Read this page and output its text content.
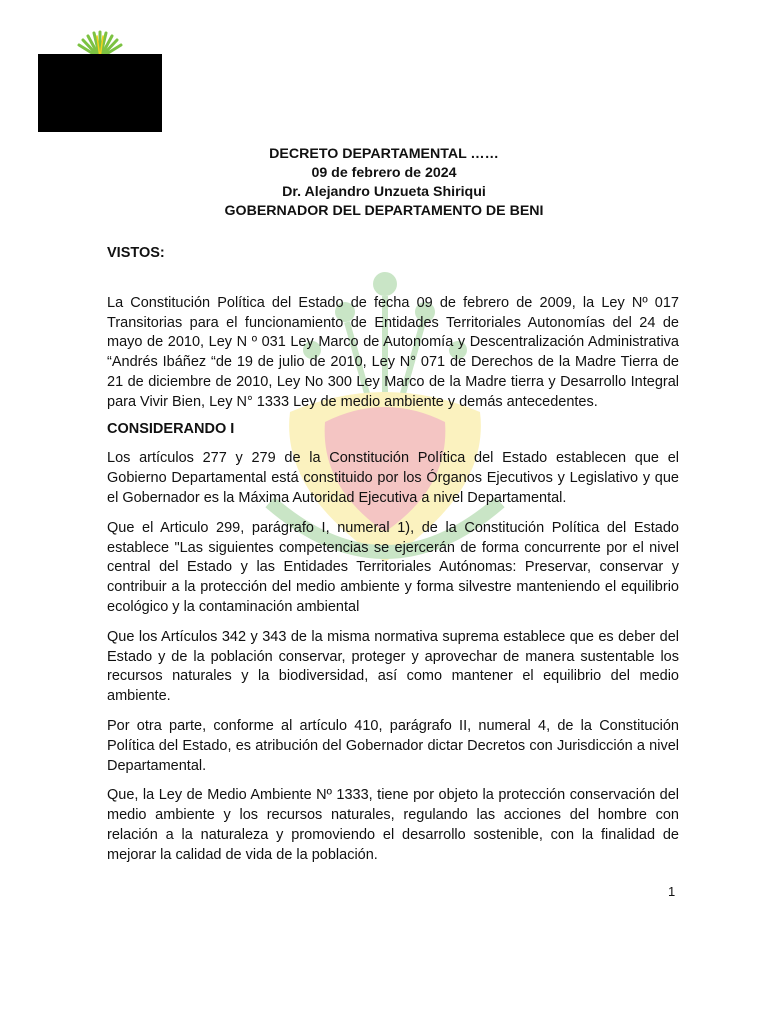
DECRETO DEPARTAMENTAL ……
09 de febrero de 2024
Dr. Alejandro Unzueta Shiriqui
GOBERNADOR DEL DEPARTAMENTO DE BENI
VISTOS:

La Constitución Política del Estado de fecha 09 de febrero de 2009, la Ley Nº 017 Transitorias para el funcionamiento de Entidades Territoriales Autonomías del 24 de mayo de 2010, Ley N º 031 Ley Marco de Autonomía y Descentralización Administrativa “Andrés Ibáñez “de 19 de julio de 2010, Ley N° 071 de Derechos de la Madre Tierra de 21 de diciembre de 2010, Ley No 300 Ley Marco de la Madre tierra y Desarrollo Integral para Vivir Bien, Ley N° 1333 Ley de medio ambiente y demás antecedentes.

CONSIDERANDO I

Los artículos 277 y 279 de la Constitución Política del Estado establecen que el Gobierno Departamental está constituido por los Órganos Ejecutivos y Legislativo y que el Gobernador es la Máxima Autoridad Ejecutiva a nivel Departamental.

Que el Articulo 299, parágrafo I, numeral 1), de la Constitución Política del Estado establece "Las siguientes competencias se ejercerán de forma concurrente por el nivel central del Estado y las Entidades Territoriales Autónomas: Preservar, conservar y contribuir a la protección del medio ambiente y forma silvestre manteniendo el equilibrio ecológico y la contaminación ambiental

Que los Artículos 342 y 343 de la misma normativa suprema establece que es deber del Estado y de la población conservar, proteger y aprovechar de manera sustentable los recursos naturales y la biodiversidad, así como mantener el equilibrio del medio ambiente.

Por otra parte, conforme al artículo 410, parágrafo II, numeral 4, de la Constitución Política del Estado, es atribución del Gobernador dictar Decretos con Jurisdicción a nivel Departamental.

Que, la Ley de Medio Ambiente Nº 1333, tiene por objeto la protección conservación del medio ambiente y los recursos naturales, regulando las acciones del hombre con relación a la naturaleza y promoviendo el desarrollo sostenible, con la finalidad de mejorar la calidad de vida de la población.

1
